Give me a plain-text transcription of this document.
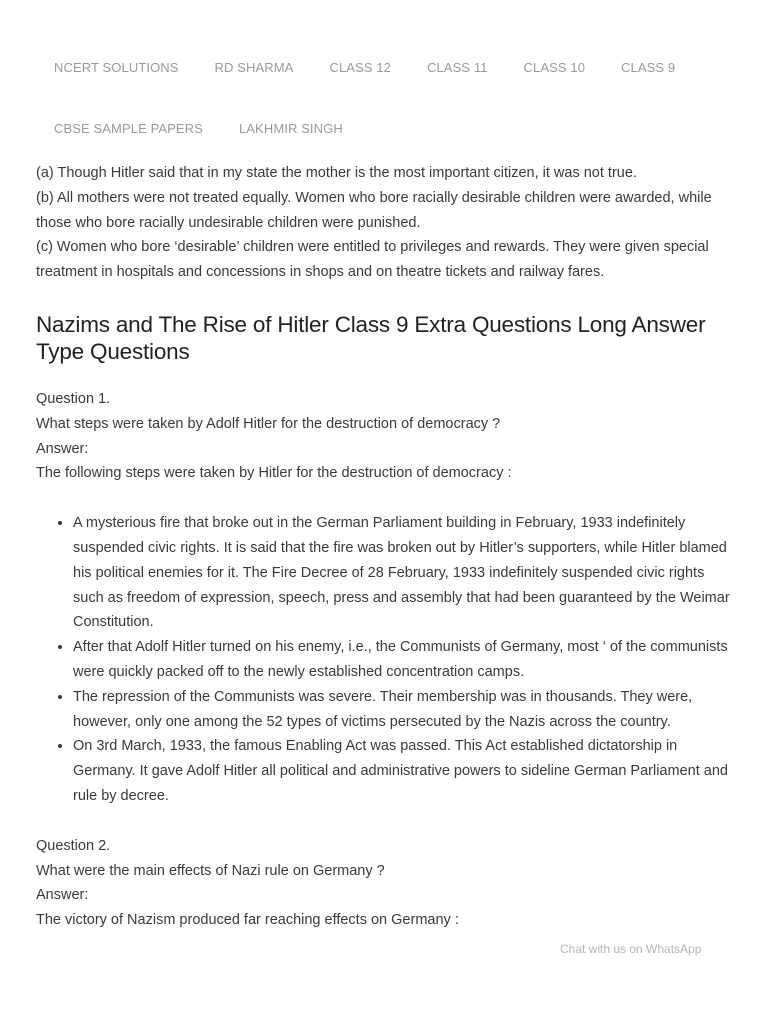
NCERT SOLUTIONS	RD SHARMA	CLASS 12	CLASS 11	CLASS 10	CLASS 9
CBSE SAMPLE PAPERS	LAKHMIR SINGH

(a) Though Hitler said that in my state the mother is the most important citizen, it was not true.

(b) All mothers were not treated equally. Women who bore racially desirable children were awarded, while those who bore racially undesirable children were punished.

(c) Women who bore ‘desirable’ children were entitled to privileges and rewards. They were given special treatment in hospitals and concessions in shops and on theatre tickets and railway fares.

Nazims and The Rise of Hitler Class 9 Extra Questions Long Answer Type Questions

Question 1.

What steps were taken by Adolf Hitler for the destruction of democracy ?

Answer:

The following steps were taken by Hitler for the destruction of democracy :

• A mysterious fire that broke out in the German Parliament building in February, 1933 indefinitely suspended civic rights. It is said that the fire was broken out by Hitler’s supporters, while Hitler blamed his political enemies for it. The Fire Decree of 28 February, 1933 indefinitely suspended civic rights such as freedom of expression, speech, press and assembly that had been guaranteed by the Weimar Constitution.
• After that Adolf Hitler turned on his enemy, i.e., the Communists of Germany, most ‘ of the communists were quickly packed off to the newly established concentration camps.
• The repression of the Communists was severe. Their membership was in thousands. They were, however, only one among the 52 types of victims persecuted by the Nazis across the country.
• On 3rd March, 1933, the famous Enabling Act was passed. This Act established dictatorship in Germany. It gave Adolf Hitler all political and administrative powers to sideline German Parliament and rule by decree.

Question 2.

What were the main effects of Nazi rule on Germany ?

Answer:

The victory of Nazism produced far reaching effects on Germany :

Chat with us on WhatsApp
